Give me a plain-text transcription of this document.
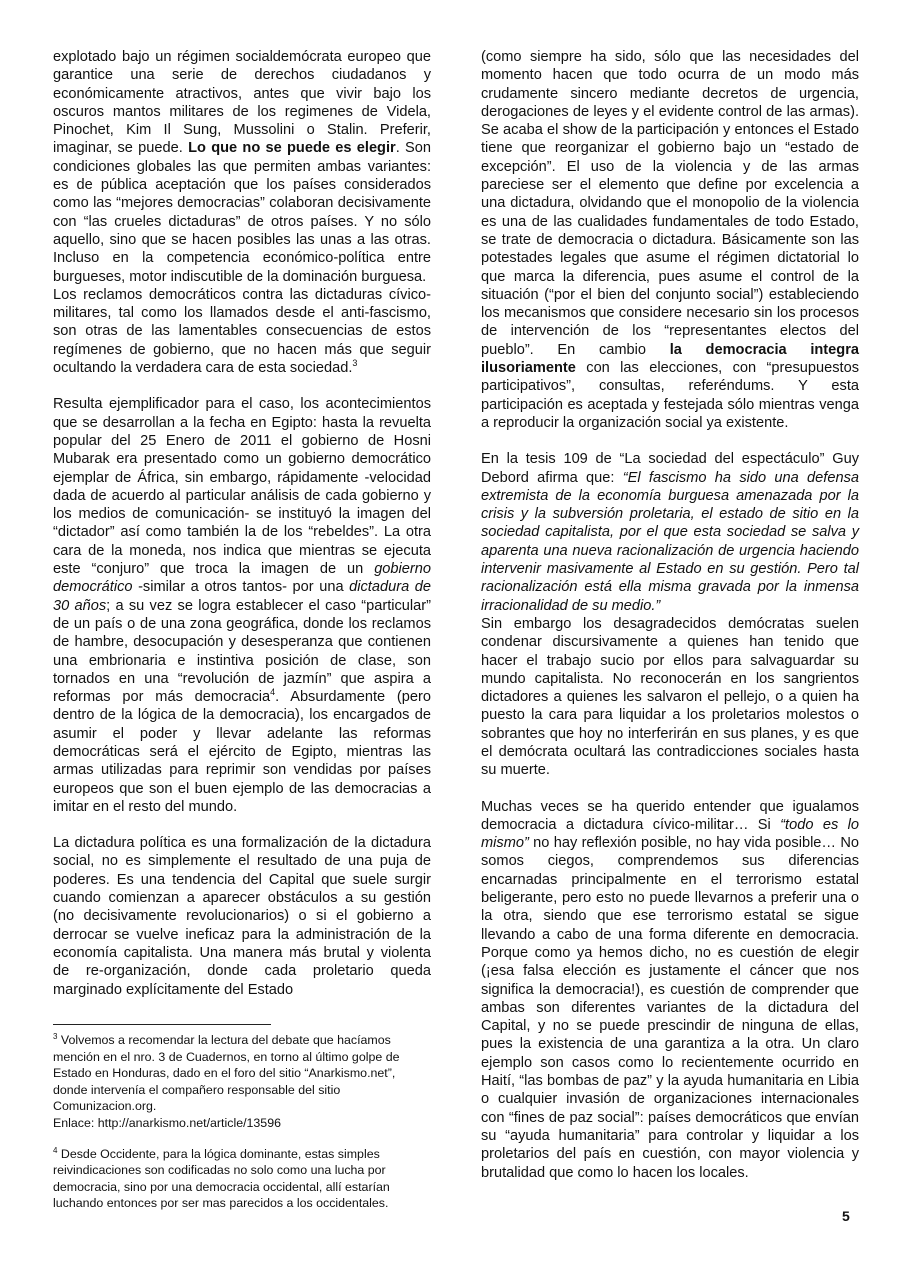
explotado bajo un régimen socialdemócrata europeo que garantice una serie de derechos ciudadanos y económicamente atractivos, antes que vivir bajo los oscuros mantos militares de los regimenes de Videla, Pinochet, Kim Il Sung, Mussolini o Stalin. Preferir, imaginar, se puede. Lo que no se puede es elegir. Son condiciones globales las que permiten ambas variantes: es de pública aceptación que los países considerados como las “mejores democracias” colaboran decisivamente con “las crueles dictaduras” de otros países. Y no sólo aquello, sino que se hacen posibles las unas a las otras. Incluso en la competencia económico-política entre burgueses, motor indiscutible de la dominación burguesa.

Los reclamos democráticos contra las dictaduras cívico-militares, tal como los llamados desde el anti-fascismo, son otras de las lamentables consecuencias de estos regímenes de gobierno, que no hacen más que seguir ocultando la verdadera cara de esta sociedad.$^3$

Resulta ejemplificador para el caso, los acontecimientos que se desarrollan a la fecha en Egipto: hasta la revuelta popular del 25 Enero de 2011 el gobierno de Hosni Mubarak era presentado como un gobierno democrático ejemplar de África, sin embargo, rápidamente -velocidad dada de acuerdo al particular análisis de cada gobierno y los medios de comunicación- se instituyó la imagen del “dictador” así como también la de los “rebeldes”. La otra cara de la moneda, nos indica que mientras se ejecuta este “conjuro” que troca la imagen de un gobierno democrático -similar a otros tantos- por una dictadura de 30 años; a su vez se logra establecer el caso “particular” de un país o de una zona geográfica, donde los reclamos de hambre, desocupación y desesperanza que contienen una embrionaria e instintiva posición de clase, son tornados en una “revolución de jazmín” que aspira a reformas por más democracia$^4$. Absurdamente (pero dentro de la lógica de la democracia), los encargados de asumir el poder y llevar adelante las reformas democráticas será el ejército de Egipto, mientras las armas utilizadas para reprimir son vendidas por países europeos que son el buen ejemplo de las democracias a imitar en el resto del mundo.

La dictadura política es una formalización de la dictadura social, no es simplemente el resultado de una puja de poderes. Es una tendencia del Capital que suele surgir cuando comienzan a aparecer obstáculos a su gestión (no decisivamente revolucionarios) o si el gobierno a derrocar se vuelve ineficaz para la administración de la economía capitalista. Una manera más brutal y violenta de re-organización, donde cada proletario queda marginado explícitamente del Estado

(como siempre ha sido, sólo que las necesidades del momento hacen que todo ocurra de un modo más crudamente sincero mediante decretos de urgencia, derogaciones de leyes y el evidente control de las armas). Se acaba el show de la participación y entonces el Estado tiene que reorganizar el gobierno bajo un “estado de excepción”. El uso de la violencia y de las armas pareciese ser el elemento que define por excelencia a una dictadura, olvidando que el monopolio de la violencia es una de las cualidades fundamentales de todo Estado, se trate de democracia o dictadura. Básicamente son las potestades legales que asume el régimen dictatorial lo que marca la diferencia, pues asume el control de la situación (“por el bien del conjunto social”) estableciendo los mecanismos que considere necesario sin los procesos de intervención de los “representantes electos del pueblo”. En cambio la democracia integra ilusoriamente con las elecciones, con “presupuestos participativos”, consultas, referéndums. Y esta participación es aceptada y festejada sólo mientras venga a reproducir la organización social ya existente.

En la tesis 109 de “La sociedad del espectáculo” Guy Debord afirma que: “El fascismo ha sido una defensa extremista de la economía burguesa amenazada por la crisis y la subversión proletaria, el estado de sitio en la sociedad capitalista, por el que esta sociedad se salva y aparenta una nueva racionalización de urgencia haciendo intervenir masivamente al Estado en su gestión. Pero tal racionalización está ella misma gravada por la inmensa irracionalidad de su medio.”

Sin embargo los desagradecidos demócratas suelen condenar discursivamente a quienes han tenido que hacer el trabajo sucio por ellos para salvaguardar su mundo capitalista. No reconocerán en los sangrientos dictadores a quienes les salvaron el pellejo, o a quien ha puesto la cara para liquidar a los proletarios molestos o sobrantes que hoy no interferirán en sus planes, y es que el demócrata ocultará las contradicciones sociales hasta su muerte.

Muchas veces se ha querido entender que igualamos democracia a dictadura cívico-militar… Si “todo es lo mismo” no hay reflexión posible, no hay vida posible… No somos ciegos, comprendemos sus diferencias encarnadas principalmente en el terrorismo estatal beligerante, pero esto no puede llevarnos a preferir una o la otra, siendo que ese terrorismo estatal se sigue llevando a cabo de una forma diferente en democracia. Porque como ya hemos dicho, no es cuestión de elegir (¡esa falsa elección es justamente el cáncer que nos significa la democracia!), es cuestión de comprender que ambas son diferentes variantes de la dictadura del Capital, y no se puede prescindir de ninguna de ellas, pues la existencia de una garantiza a la otra. Un claro ejemplo son casos como lo recientemente ocurrido en Haití, “las bombas de paz” y la ayuda humanitaria en Libia o cualquier invasión de organizaciones internacionales con “fines de paz social”: países democráticos que envían su “ayuda humanitaria” para controlar y liquidar a los proletarios del país en cuestión, con mayor violencia y brutalidad que como lo hacen los locales.

$^3$ Volvemos a recomendar la lectura del debate que hacíamos mención en el nro. 3 de Cuadernos, en torno al último golpe de Estado en Honduras, dado en el foro del sitio “Anarkismo.net”, donde intervenía el compañero responsable del sitio Comunizacion.org.
Enlace: http://anarkismo.net/article/13596
$^4$ Desde Occidente, para la lógica dominante, estas simples reivindicaciones son codificadas no solo como una lucha por democracia, sino por una democracia occidental, allí estarían luchando entonces por ser mas parecidos a los occidentales.
5
